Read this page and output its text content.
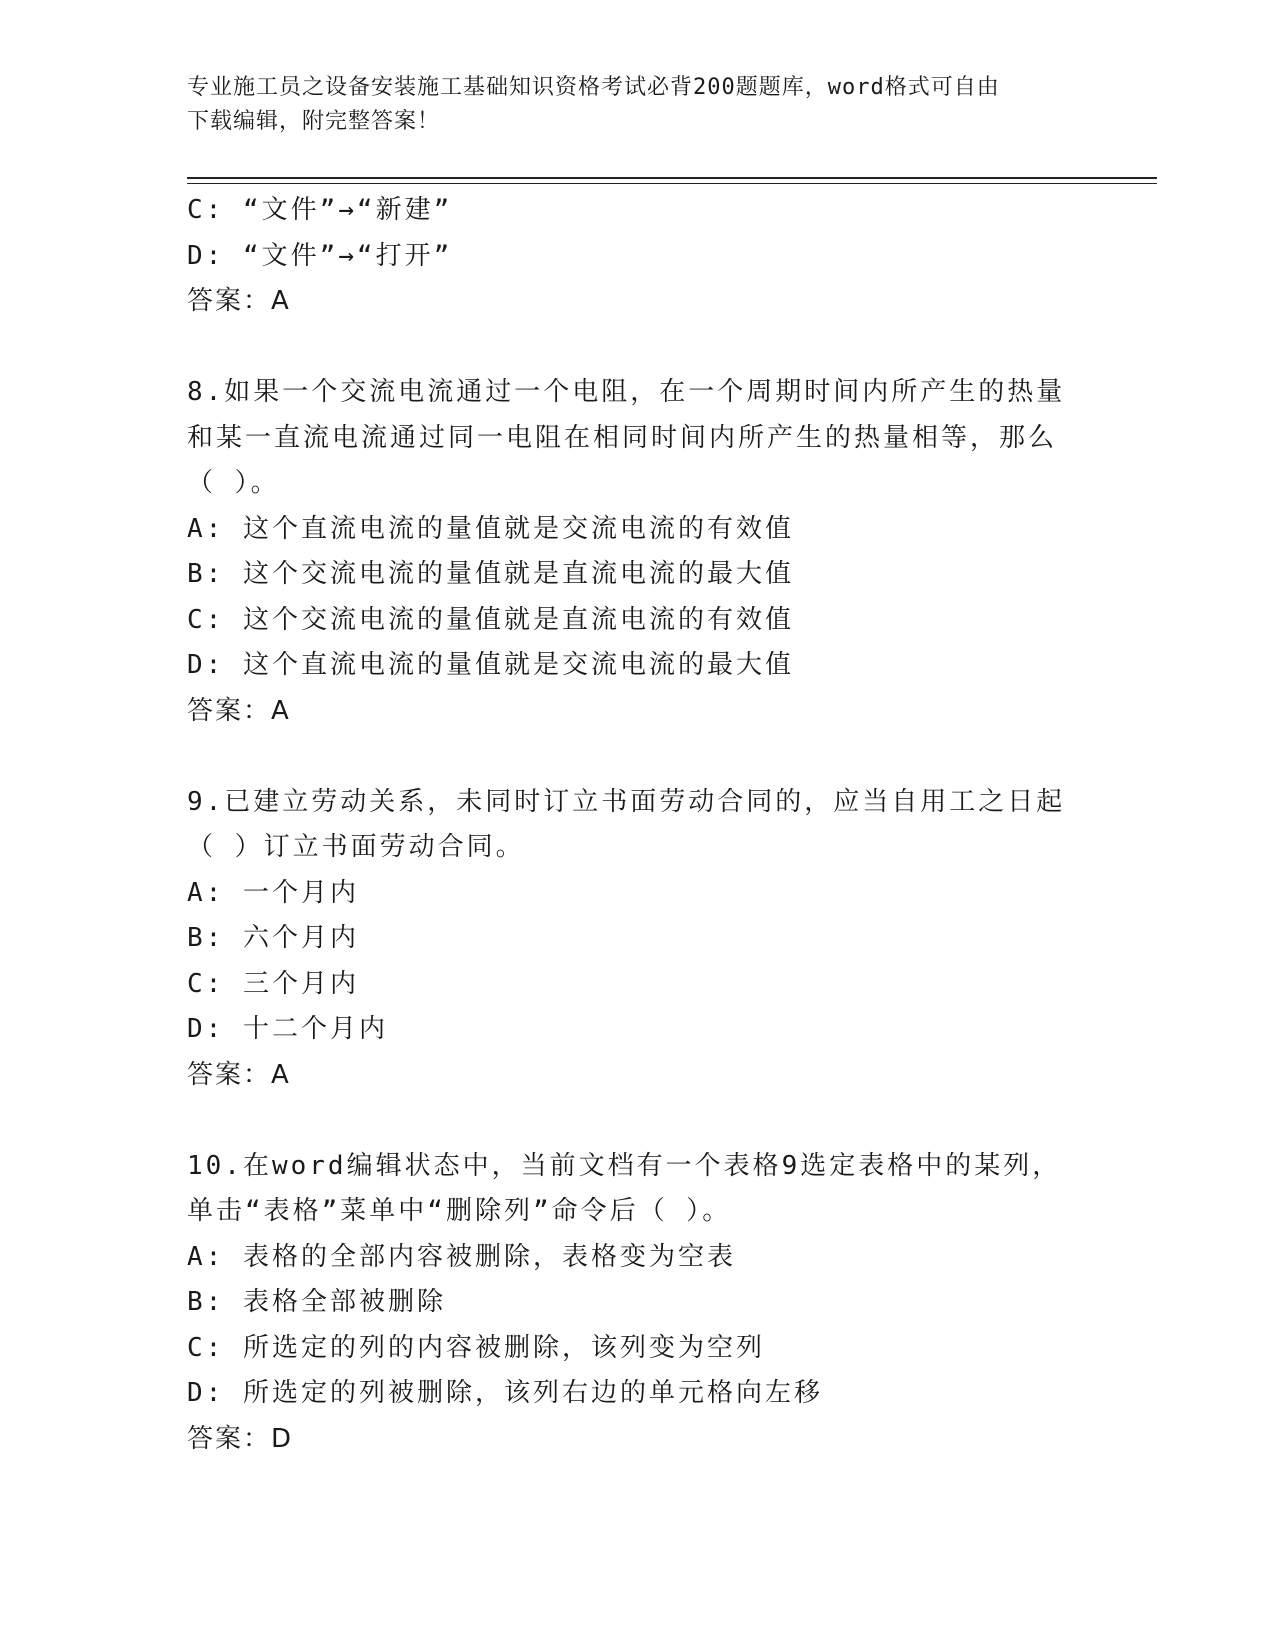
专业施工员之设备安装施工基础知识资格考试必背200题题库，word格式可自由
下载编辑，附完整答案！
C: “文件”→“新建”
D: “文件”→“打开”
答案：A
8.如果一个交流电流通过一个电阻，在一个周期时间内所产生的热量
和某一直流电流通过同一电阻在相同时间内所产生的热量相等，那么
（ ）。
A: 这个直流电流的量值就是交流电流的有效值
B: 这个交流电流的量值就是直流电流的最大值
C: 这个交流电流的量值就是直流电流的有效值
D: 这个直流电流的量值就是交流电流的最大值
答案：A
9.已建立劳动关系，未同时订立书面劳动合同的，应当自用工之日起
（ ）订立书面劳动合同。
A: 一个月内
B: 六个月内
C: 三个月内
D: 十二个月内
答案：A
10.在word编辑状态中，当前文档有一个表格9选定表格中的某列，
单击“表格”菜单中“删除列”命令后（ ）。
A: 表格的全部内容被删除，表格变为空表
B: 表格全部被删除
C: 所选定的列的内容被删除，该列变为空列
D: 所选定的列被删除，该列右边的单元格向左移
答案：D
